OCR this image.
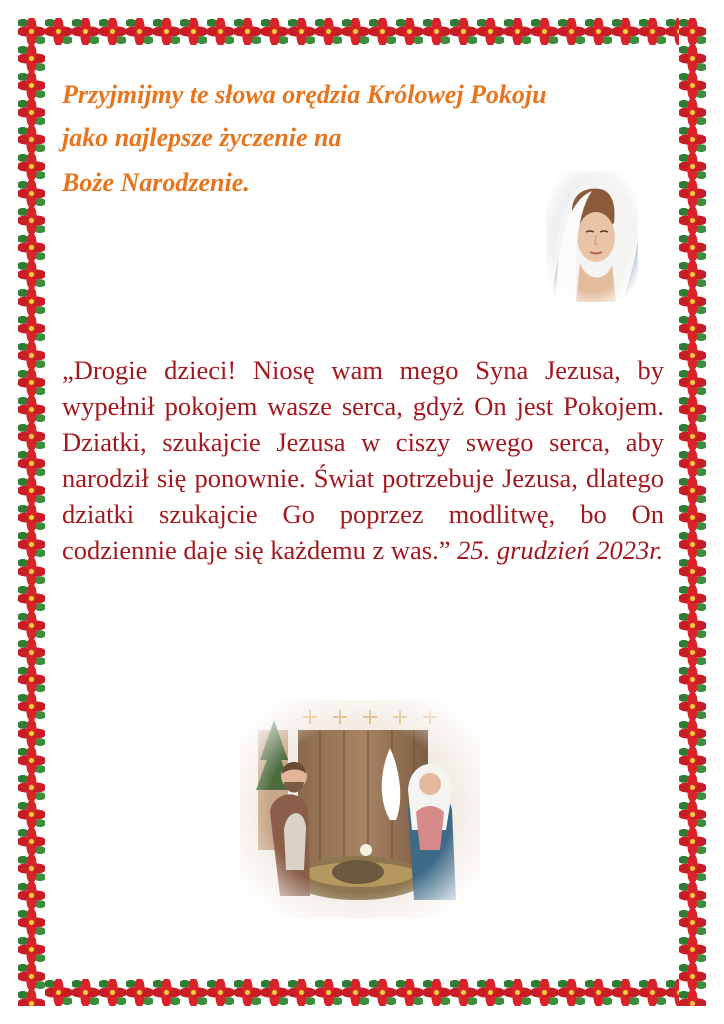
Przyjmijmy te słowa orędzia Królowej Pokoju

jako najlepsze życzenie na

Boże Narodzenie.

„Drogie dzieci! Niosę wam mego Syna Jezusa, by wypełnił pokojem wasze serca, gdyż On jest Pokojem. Dziatki, szukajcie Jezusa w ciszy swego serca, aby narodził się ponownie. Świat potrzebuje Jezusa, dlatego dziatki szukajcie Go poprzez modlitwę, bo On codziennie daje się każdemu z was.” 25. grudzień 2023r.
